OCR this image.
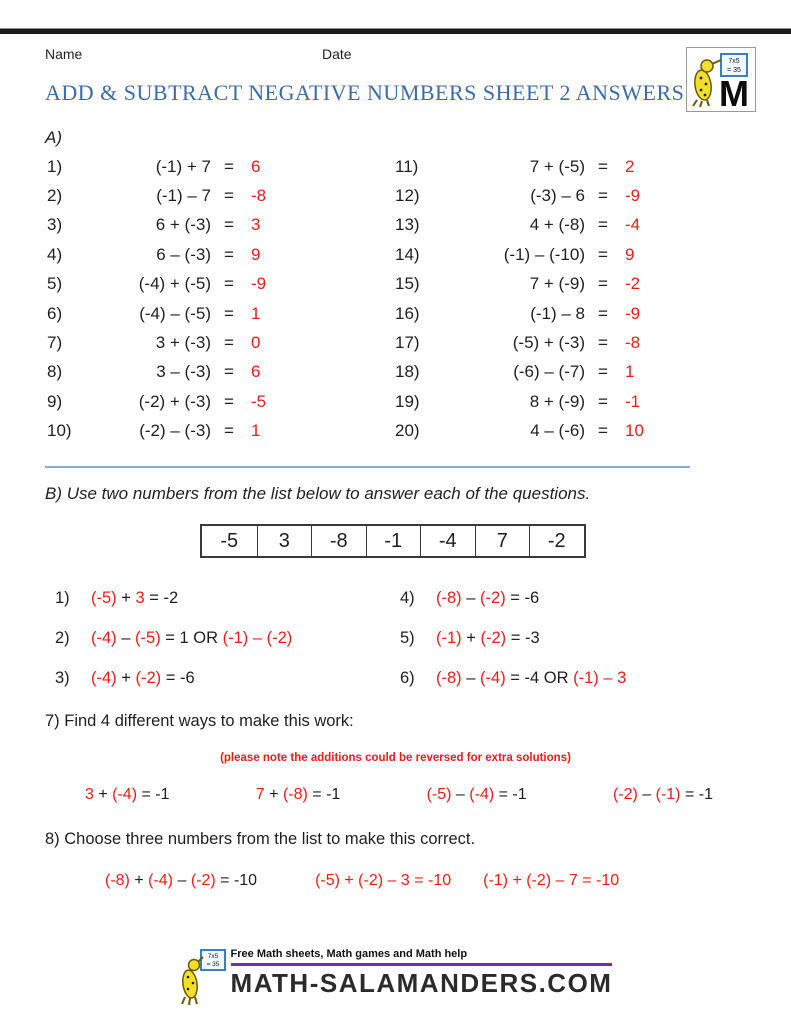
Name	Date	7x5
= 35
M
ADD & SUBTRACT NEGATIVE NUMBERS SHEET 2 ANSWERS
A)
1)	(-1) + 7 =	6
2)	(-1) – 7 =	-8
3)	6 + (-3) =	3
4)	6 – (-3) =	9
5)	(-4) + (-5) =	-9
6)	(-4) – (-5) =	1
7)	3 + (-3) =	0
8)	3 – (-3) =	6
9)	(-2) + (-3) =	-5
10)	(-2) – (-3) =	1
11)	7 + (-5) =	2
12)	(-3) – 6 =	-9
13)	4 + (-8) =	-4
14)	(-1) – (-10) =	9
15)	7 + (-9) =	-2
16)	(-1) – 8 =	-9
17)	(-5) + (-3) =	-8
18)	(-6) – (-7) =	1
19)	8 + (-9) =	-1
20)	4 – (-6) =	10
B) Use two numbers from the list below to answer each of the questions.
-5	3	-8	-1	-4	7	-2
1)	(-5) + 3 = -2
2)	(-4) – (-5) = 1 OR (-1) – (-2)
3)	(-4) + (-2) = -6
4)	(-8) – (-2) = -6
5)	(-1) + (-2) = -3
6)	(-8) – (-4) = -4 OR (-1) – 3
7) Find 4 different ways to make this work:
(please note the additions could be reversed for extra solutions)
3 + (-4) = -1	7 + (-8) = -1	(-5) – (-4) = -1	(-2) – (-1) = -1
8) Choose three numbers from the list to make this correct.
(-8) + (-4) – (-2) = -10	(-5) + (-2) – 3 = -10 (-1) + (-2) – 7 = -10
7x5
= 35
Free Math sheets, Math games and Math help
MATH-SALAMANDERS.COM
